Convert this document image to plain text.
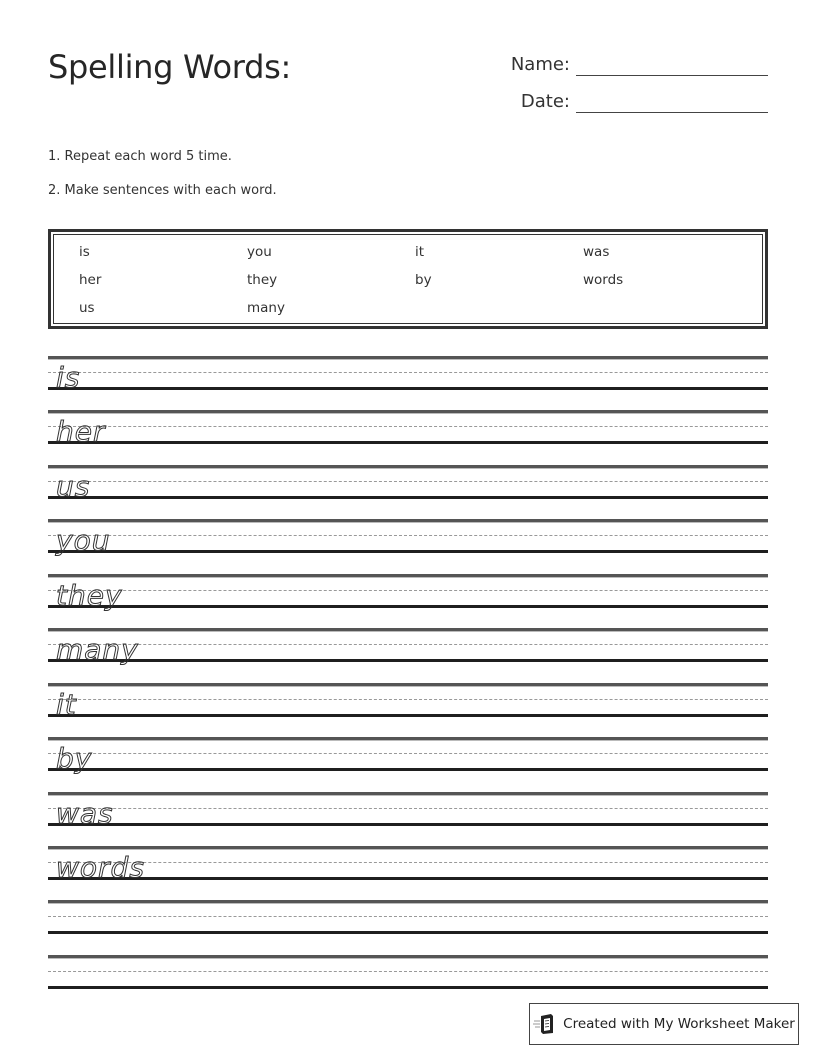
Spelling Words:	Name:
Date:
1. Repeat each word 5 time.
2. Make sentences with each word.
is
her
us
you
they
many
it
by
was
words
is
her
us
you
they
many
it
by
was
words
Created with My Worksheet Maker
